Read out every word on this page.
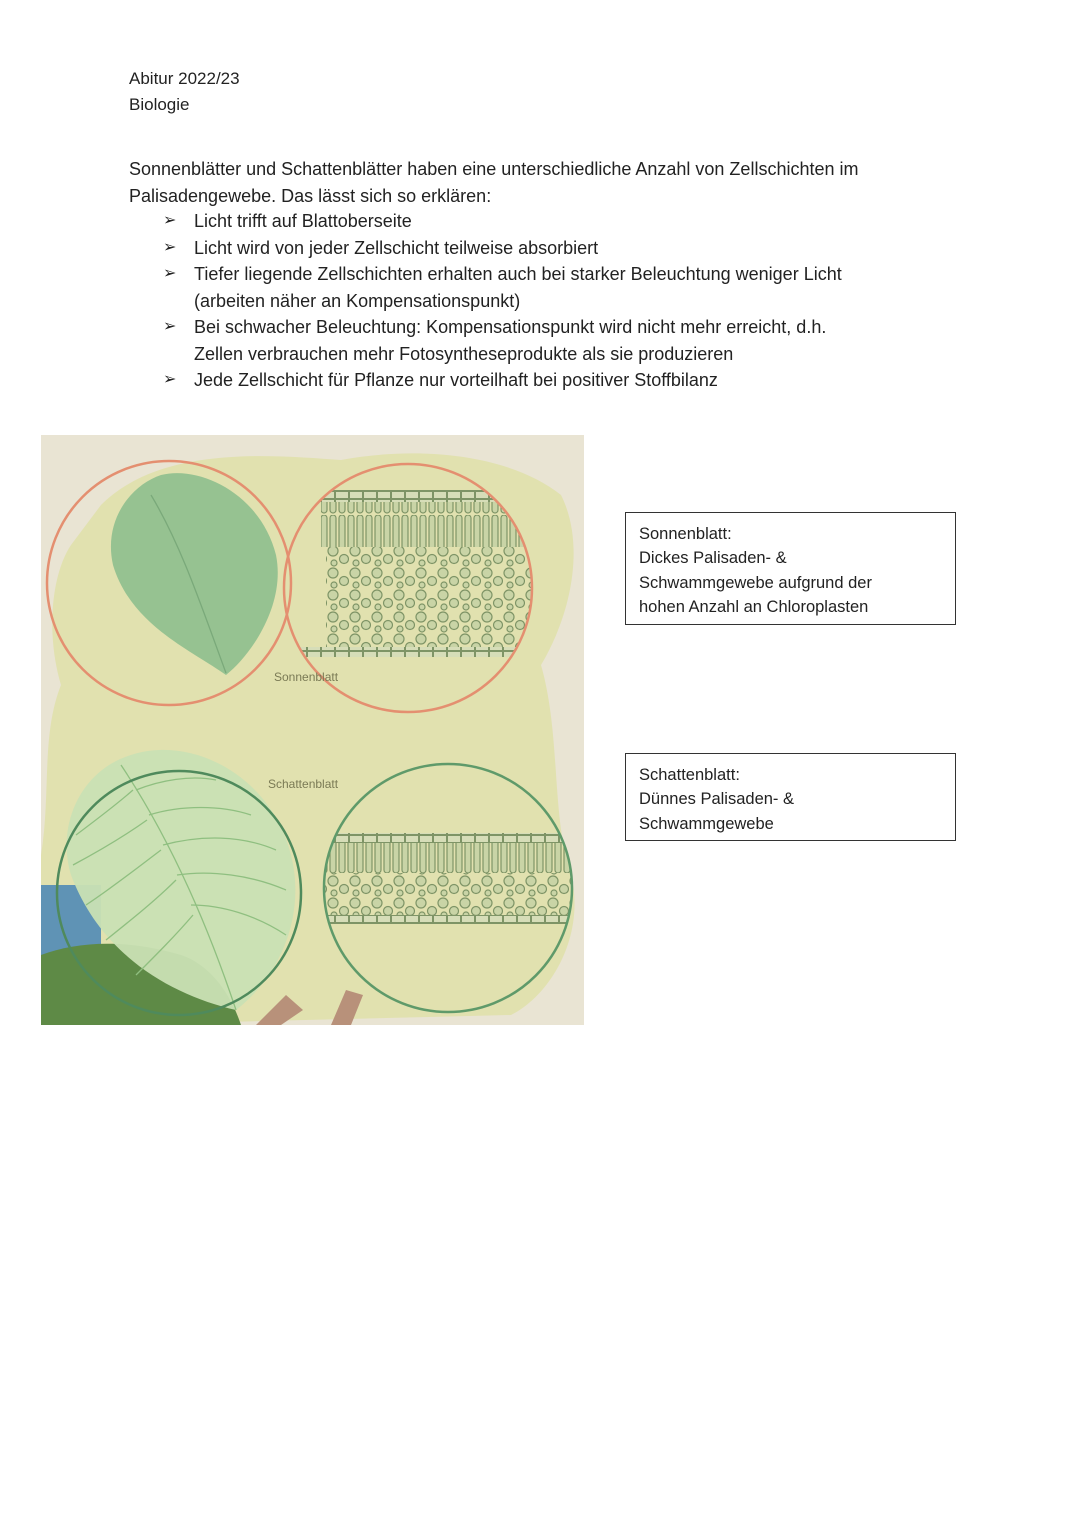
Abitur 2022/23
Biologie
Sonnenblätter und Schattenblätter haben eine unterschiedliche Anzahl von Zellschichten im
Palisadengewebe. Das lässt sich so erklären:
➢ Licht trifft auf Blattoberseite
➢ Licht wird von jeder Zellschicht teilweise absorbiert
➢ Tiefer liegende Zellschichten erhalten auch bei starker Beleuchtung weniger Licht
(arbeiten näher an Kompensationspunkt)
➢ Bei schwacher Beleuchtung: Kompensationspunkt wird nicht mehr erreicht, d.h.
Zellen verbrauchen mehr Fotosyntheseprodukte als sie produzieren
➢ Jede Zellschicht für Pflanze nur vorteilhaft bei positiver Stoffbilanz
Sonnenblatt
Schattenblatt
Sonnenblatt:
Dickes Palisaden- &
Schwammgewebe aufgrund der
hohen Anzahl an Chloroplasten
Schattenblatt:
Dünnes Palisaden- &
Schwammgewebe
